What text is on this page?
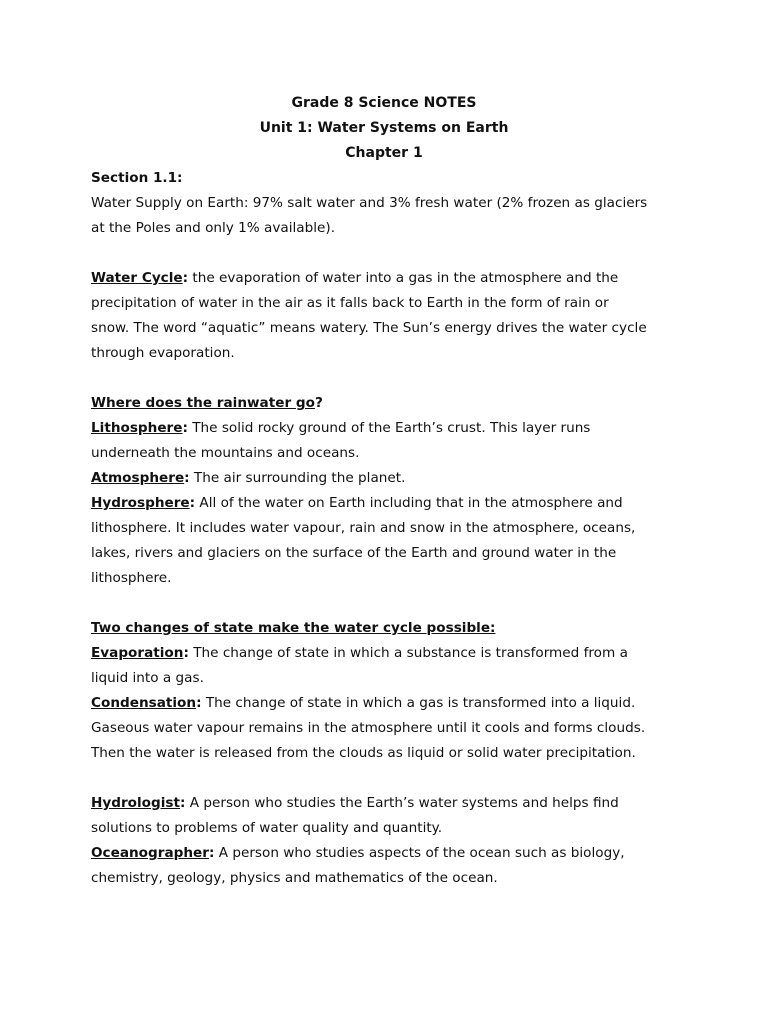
Grade 8 Science NOTES
Unit 1: Water Systems on Earth
Chapter 1
Section 1.1:
Water Supply on Earth: 97% salt water and 3% fresh water (2% frozen as glaciers
at the Poles and only 1% available).
Water Cycle: the evaporation of water into a gas in the atmosphere and the
precipitation of water in the air as it falls back to Earth in the form of rain or
snow. The word “aquatic” means watery. The Sun’s energy drives the water cycle
through evaporation.
Where does the rainwater go?
Lithosphere: The solid rocky ground of the Earth’s crust. This layer runs
underneath the mountains and oceans.
Atmosphere: The air surrounding the planet.
Hydrosphere: All of the water on Earth including that in the atmosphere and
lithosphere. It includes water vapour, rain and snow in the atmosphere, oceans,
lakes, rivers and glaciers on the surface of the Earth and ground water in the
lithosphere.
Two changes of state make the water cycle possible:
Evaporation: The change of state in which a substance is transformed from a
liquid into a gas.
Condensation: The change of state in which a gas is transformed into a liquid.
Gaseous water vapour remains in the atmosphere until it cools and forms clouds.
Then the water is released from the clouds as liquid or solid water precipitation.
Hydrologist: A person who studies the Earth’s water systems and helps find
solutions to problems of water quality and quantity.
Oceanographer: A person who studies aspects of the ocean such as biology,
chemistry, geology, physics and mathematics of the ocean.
